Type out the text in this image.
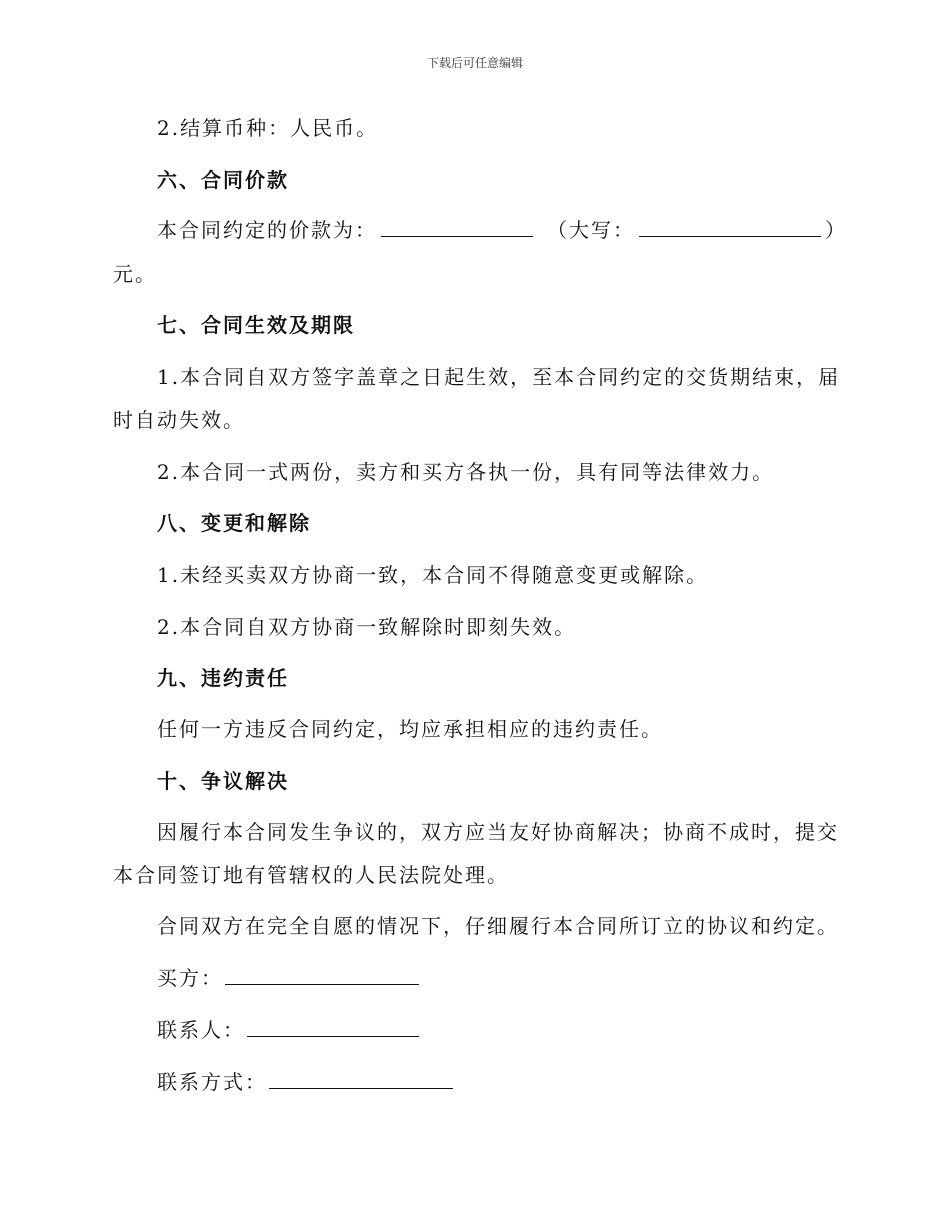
下载后可任意编辑
2.结算币种：人民币。
六、合同价款
本合同约定的价款为：	（大写：	）
元。
七、合同生效及期限
1.本合同自双方签字盖章之日起生效，至本合同约定的交货期结束，届
时自动失效。
2.本合同一式两份，卖方和买方各执一份，具有同等法律效力。
八、变更和解除
1.未经买卖双方协商一致，本合同不得随意变更或解除。
2.本合同自双方协商一致解除时即刻失效。
九、违约责任
任何一方违反合同约定，均应承担相应的违约责任。
十、争议解决
因履行本合同发生争议的，双方应当友好协商解决；协商不成时，提交
本合同签订地有管辖权的人民法院处理。
合同双方在完全自愿的情况下，仔细履行本合同所订立的协议和约定。
买方：
联系人：
联系方式：
